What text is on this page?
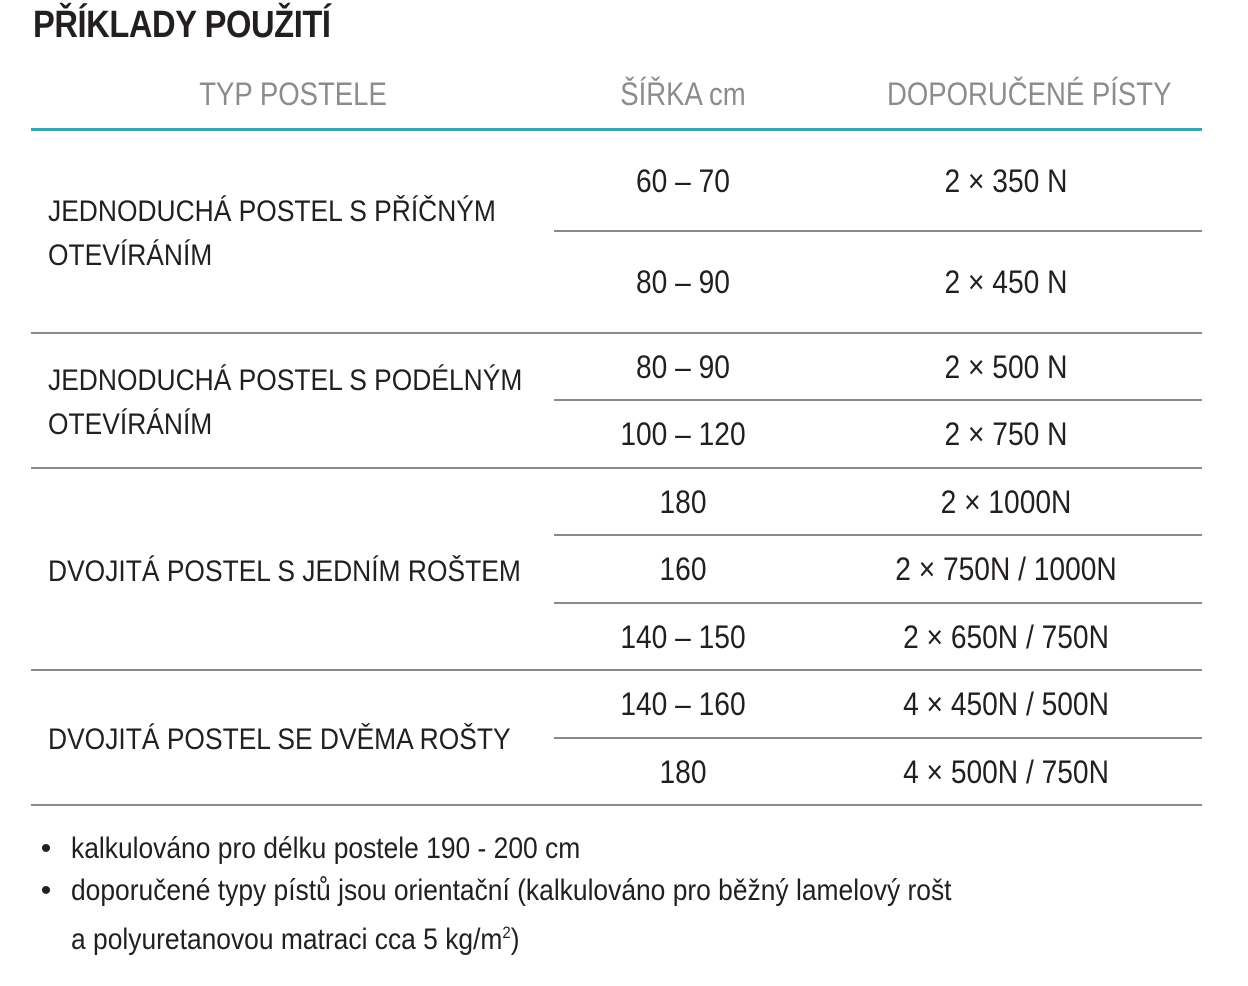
PŘÍKLADY POUŽITÍ
TYP POSTELE	ŠÍŘKA cm	DOPORUČENÉ PÍSTY
JEDNODUCHÁ POSTEL S PŘÍČNÝM
OTEVÍRÁNÍM
60 – 70	2 × 350 N
80 – 90	2 × 450 N
JEDNODUCHÁ POSTEL S PODÉLNÝM
OTEVÍRÁNÍM
80 – 90	2 × 500 N
100 – 120	2 × 750 N
DVOJITÁ POSTEL S JEDNÍM ROŠTEM
180	2 × 1000N
160	2 × 750N / 1000N
140 – 150	2 × 650N / 750N
DVOJITÁ POSTEL SE DVĚMA ROŠTY
140 – 160	4 × 450N / 500N
180	4 × 500N / 750N
• kalkulováno pro délku postele 190 - 200 cm
• doporučené typy pístů jsou orientační (kalkulováno pro běžný lamelový rošt
a polyuretanovou matraci cca 5 $kg/m^2$)
